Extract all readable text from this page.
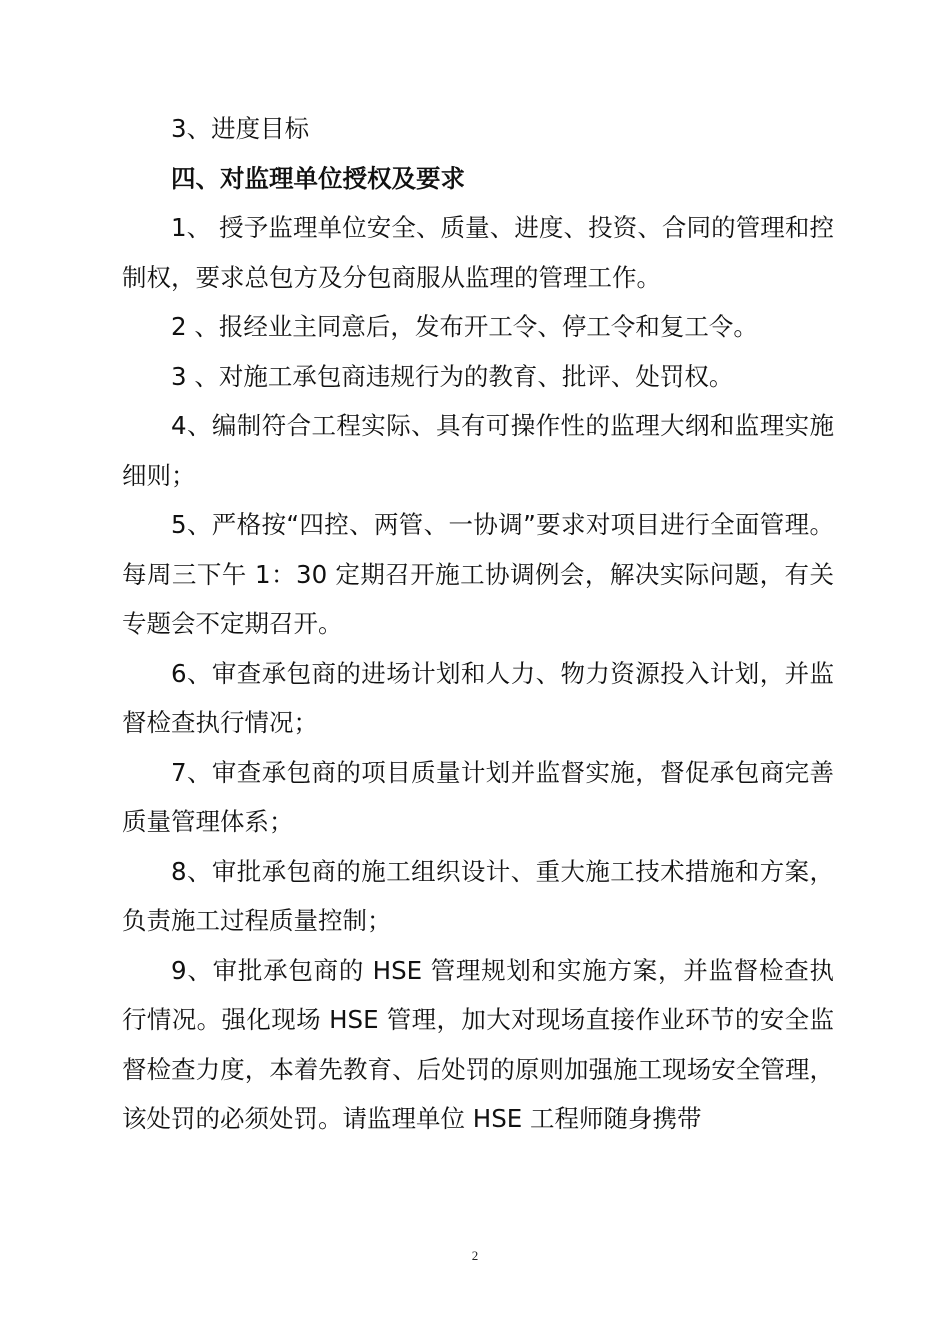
3、进度目标

四、对监理单位授权及要求

1、 授予监理单位安全、质量、进度、投资、合同的管理和控制权，要求总包方及分包商服从监理的管理工作。

2 、报经业主同意后，发布开工令、停工令和复工令。

3 、对施工承包商违规行为的教育、批评、处罚权。

4、编制符合工程实际、具有可操作性的监理大纲和监理实施细则；

5、严格按“四控、两管、一协调”要求对项目进行全面管理。每周三下午 1：30 定期召开施工协调例会，解决实际问题，有关专题会不定期召开。

6、审查承包商的进场计划和人力、物力资源投入计划，并监督检查执行情况；

7、审查承包商的项目质量计划并监督实施，督促承包商完善质量管理体系；

8、审批承包商的施工组织设计、重大施工技术措施和方案，负责施工过程质量控制；

9、审批承包商的 HSE 管理规划和实施方案，并监督检查执行情况。强化现场 HSE 管理，加大对现场直接作业环节的安全监督检查力度，本着先教育、后处罚的原则加强施工现场安全管理，该处罚的必须处罚。请监理单位 HSE 工程师随身携带

2
